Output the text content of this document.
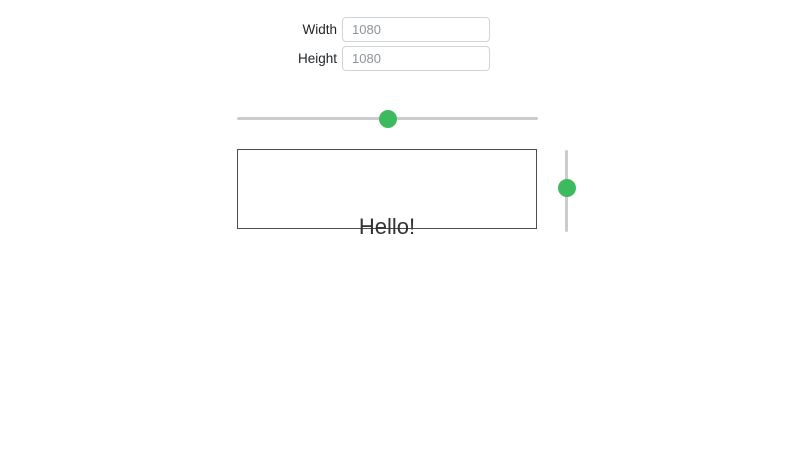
Width
1080
Height
1080
Hello!
